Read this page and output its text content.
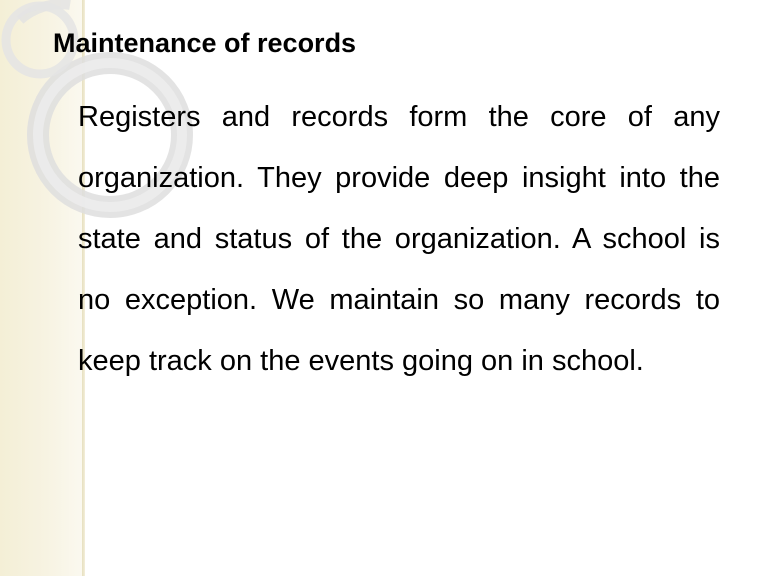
Maintenance of records

Registers and records form the core of any organization. They provide deep insight into the state and status of the organization. A school is no exception. We maintain so many records to keep track on the events going on in school.
